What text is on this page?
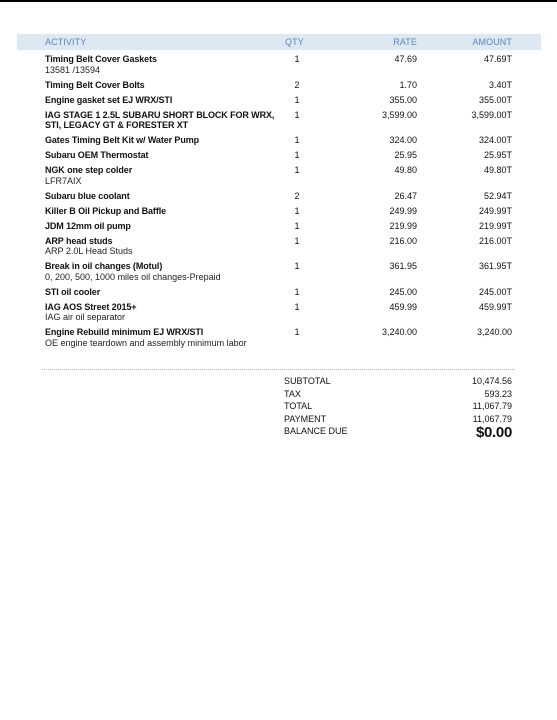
ACTIVITY	QTY	RATE	AMOUNT
Timing Belt Cover Gaskets
13581 /13594
1	47.69	47.69T
Timing Belt Cover Bolts	2	1.70	3.40T
Engine gasket set EJ WRX/STI	1	355.00	355.00T
IAG STAGE 1 2.5L SUBARU SHORT BLOCK FOR WRX, STI, LEGACY GT & FORESTER XT
1	3,599.00	3,599.00T
Gates Timing Belt Kit w/ Water Pump	1	324.00	324.00T
Subaru OEM Thermostat	1	25.95	25.95T
NGK one step colder
LFR7AIX
1	49.80	49.80T
Subaru blue coolant	2	26.47	52.94T
Killer B Oil Pickup and Baffle	1	249.99	249.99T
JDM 12mm oil pump	1	219.99	219.99T
ARP head studs
ARP 2.0L Head Studs
1	216.00	216.00T
Break in oil changes (Motul)
0, 200, 500, 1000 miles oil changes-Prepaid
1	361.95	361.95T
STI oil cooler	1	245.00	245.00T
IAG AOS Street 2015+
IAG air oil separator
1	459.99	459.99T
Engine Rebuild minimum EJ WRX/STI
OE engine teardown and assembly minimum labor
1	3,240.00	3,240.00
SUBTOTAL	10,474.56
TAX	593.23
TOTAL	11,067.79
PAYMENT	11,067.79
BALANCE DUE	$0.00
